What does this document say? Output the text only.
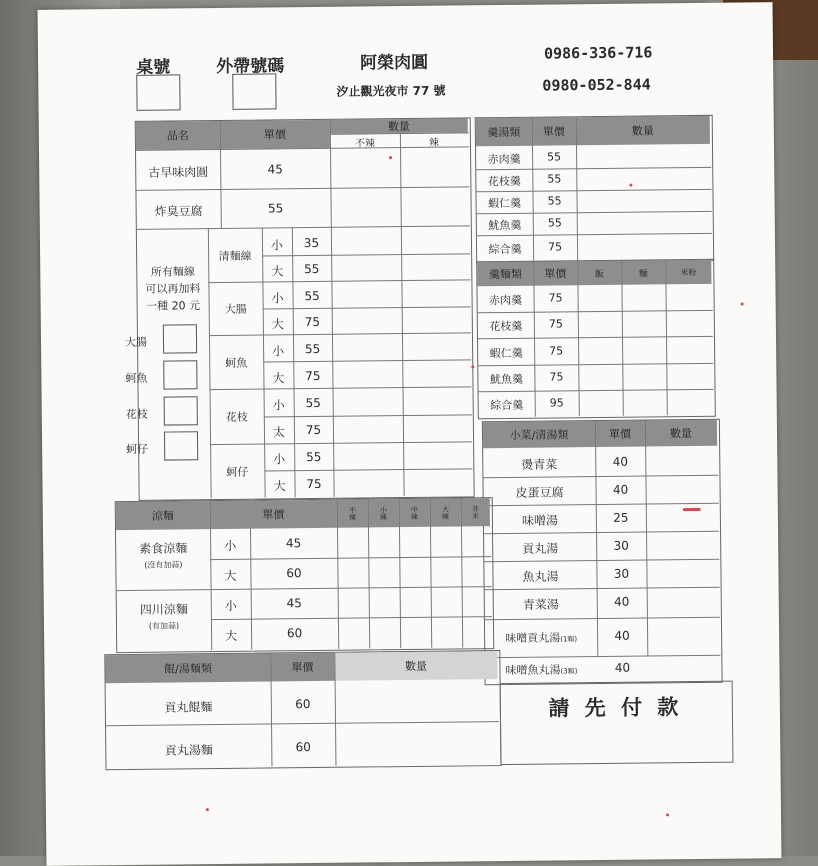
桌號	外帶號碼	阿榮肉圓
汐止觀光夜市 77 號
0986-336-716
0980-052-844
品名	單價
數量
不辣	辣
古早味肉圓	45
炸臭豆腐	55
所有麵線
可以再加料
一種 20 元
大腸
蚵魚
花枝
蚵仔
清麵線
小	35
大	55
大腸
小	55
大	75
蚵魚
小	55
大	75
花枝
小	55
太	75
蚵仔
小	55
大	75
羹湯類	單價	數量
赤肉羹	55
花枝羹	55
蝦仁羹	55
魷魚羹	55
綜合羹	75
羹麵類	單價	飯	麵	米粉
赤肉羹	75
花枝羹	75
蝦仁羹	75
魷魚羹	75
綜合羹	95
小菜/清湯類	單價	數量
燙青菜	40
皮蛋豆腐	40
味噌湯	25
貢丸湯	30
魚丸湯	30
青菜湯	40
味噌貢丸湯(1顆)	40
味噌魚丸湯(3顆)	40
請 先 付 款
涼麵	單價	不辣	小辣	中辣	大辣	芥末
素食涼麵
(沒有加蒜)
小	45
大	60
四川涼麵
(有加蒜)
小	45
大	60
餛/湯麵類	單價	數量
貢丸餛麵	60
貢丸湯麵	60
